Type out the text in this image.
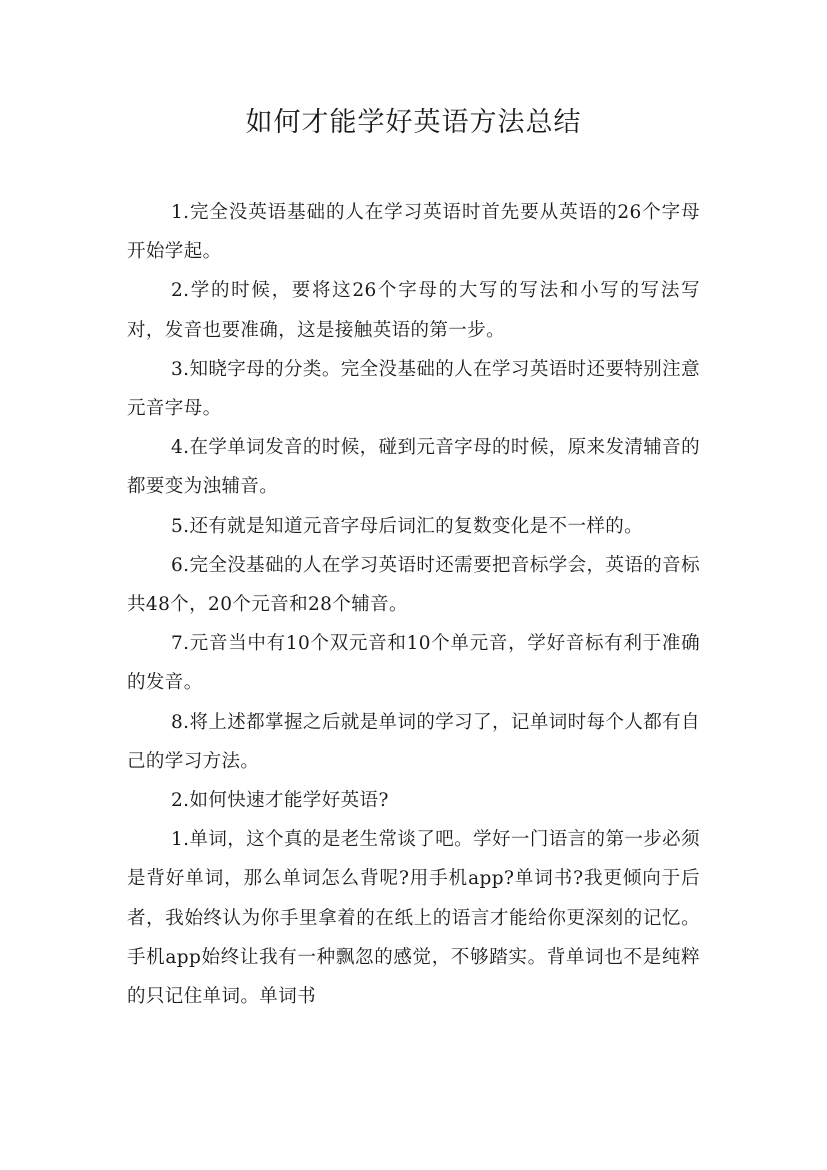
如何才能学好英语方法总结

1.完全没英语基础的人在学习英语时首先要从英语的26个字母开始学起。

2.学的时候，要将这26个字母的大写的写法和小写的写法写对，发音也要准确，这是接触英语的第一步。

3.知晓字母的分类。完全没基础的人在学习英语时还要特别注意元音字母。

4.在学单词发音的时候，碰到元音字母的时候，原来发清辅音的都要变为浊辅音。

5.还有就是知道元音字母后词汇的复数变化是不一样的。

6.完全没基础的人在学习英语时还需要把音标学会，英语的音标共48个，20个元音和28个辅音。

7.元音当中有10个双元音和10个单元音，学好音标有利于准确的发音。

8.将上述都掌握之后就是单词的学习了，记单词时每个人都有自己的学习方法。

2.如何快速才能学好英语?

1.单词，这个真的是老生常谈了吧。学好一门语言的第一步必须是背好单词，那么单词怎么背呢?用手机app?单词书?我更倾向于后者，我始终认为你手里拿着的在纸上的语言才能给你更深刻的记忆。手机app始终让我有一种飘忽的感觉，不够踏实。背单词也不是纯粹的只记住单词。单词书
